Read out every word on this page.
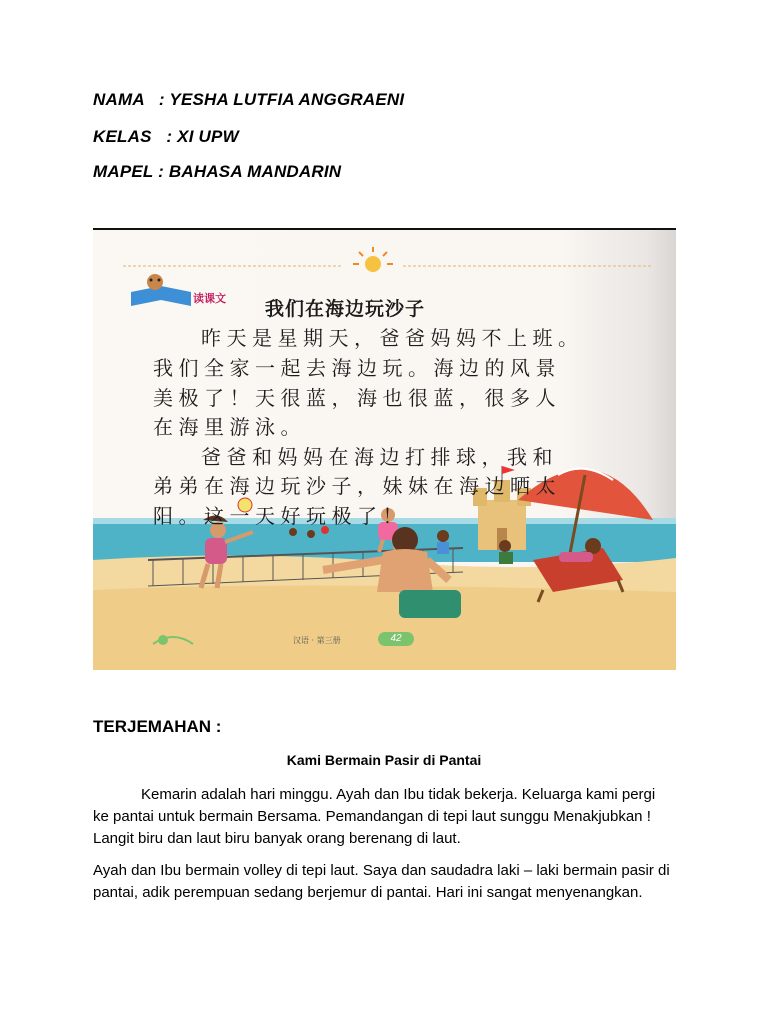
NAMA   : YESHA LUTFIA ANGGRAENI
KELAS   : XI UPW
MAPEL : BAHASA MANDARIN
读课文 我们在海边玩沙子
昨天是星期天，爸爸妈妈不上班。
我们全家一起去海边玩。海边的风景
美极了！天很蓝，海也很蓝，很多人
在海里游泳。
爸爸和妈妈在海边打排球，我和
弟弟在海边玩沙子，妹妹在海边晒太
阳。这一天好玩极了！
汉语 · 第三册	42
TERJEMAHAN :
Kami Bermain Pasir di Pantai
Kemarin adalah hari minggu. Ayah dan Ibu tidak bekerja. Keluarga kami pergi ke pantai untuk bermain Bersama. Pemandangan di tepi laut sunggu Menakjubkan ! Langit biru dan laut biru banyak orang berenang di laut.
Ayah dan Ibu bermain volley di tepi laut. Saya dan saudadra laki – laki bermain pasir di pantai, adik perempuan sedang berjemur di pantai. Hari ini sangat menyenangkan.
